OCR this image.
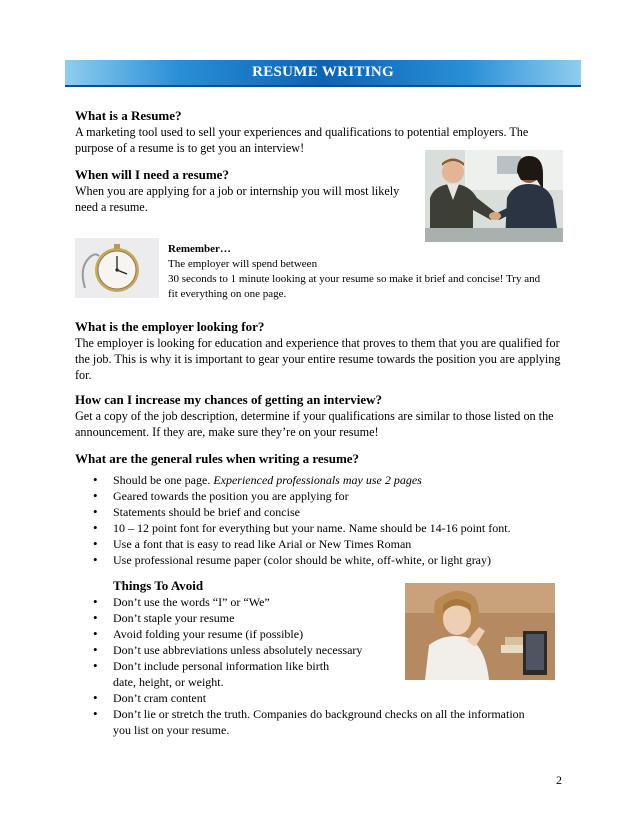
RESUME WRITING
What is a Resume?

A marketing tool used to sell your experiences and qualifications to potential employers. The purpose of a resume is to get you an interview!

When will I need a resume?

When you are applying for a job or internship you will most likely

need a resume.

Remember…

The employer will spend between

30 seconds to 1 minute looking at your resume so make it brief and concise! Try and

fit everything on one page.

What is the employer looking for?

The employer is looking for education and experience that proves to them that you are qualified for the job. This is why it is important to gear your entire resume towards the position you are applying for.

How can I increase my chances of getting an interview?

Get a copy of the job description, determine if your qualifications are similar to those listed on the announcement. If they are, make sure they’re on your resume!

What are the general rules when writing a resume?
• Should be one page. Experienced professionals may use 2 pages
• Geared towards the position you are applying for
• Statements should be brief and concise
• 10 – 12 point font for everything but your name. Name should be 14-16 point font.
• Use a font that is easy to read like Arial or New Times Roman
• Use professional resume paper (color should be white, off-white, or light gray)
Things To Avoid
• Don’t use the words “I” or “We”
• Don’t staple your resume
• Avoid folding your resume (if possible)
• Don’t use abbreviations unless absolutely necessary
• Don’t include personal information like birth date, height, or weight.
• Don’t cram content
• Don’t lie or stretch the truth. Companies do background checks on all the information you list on your resume.
2
